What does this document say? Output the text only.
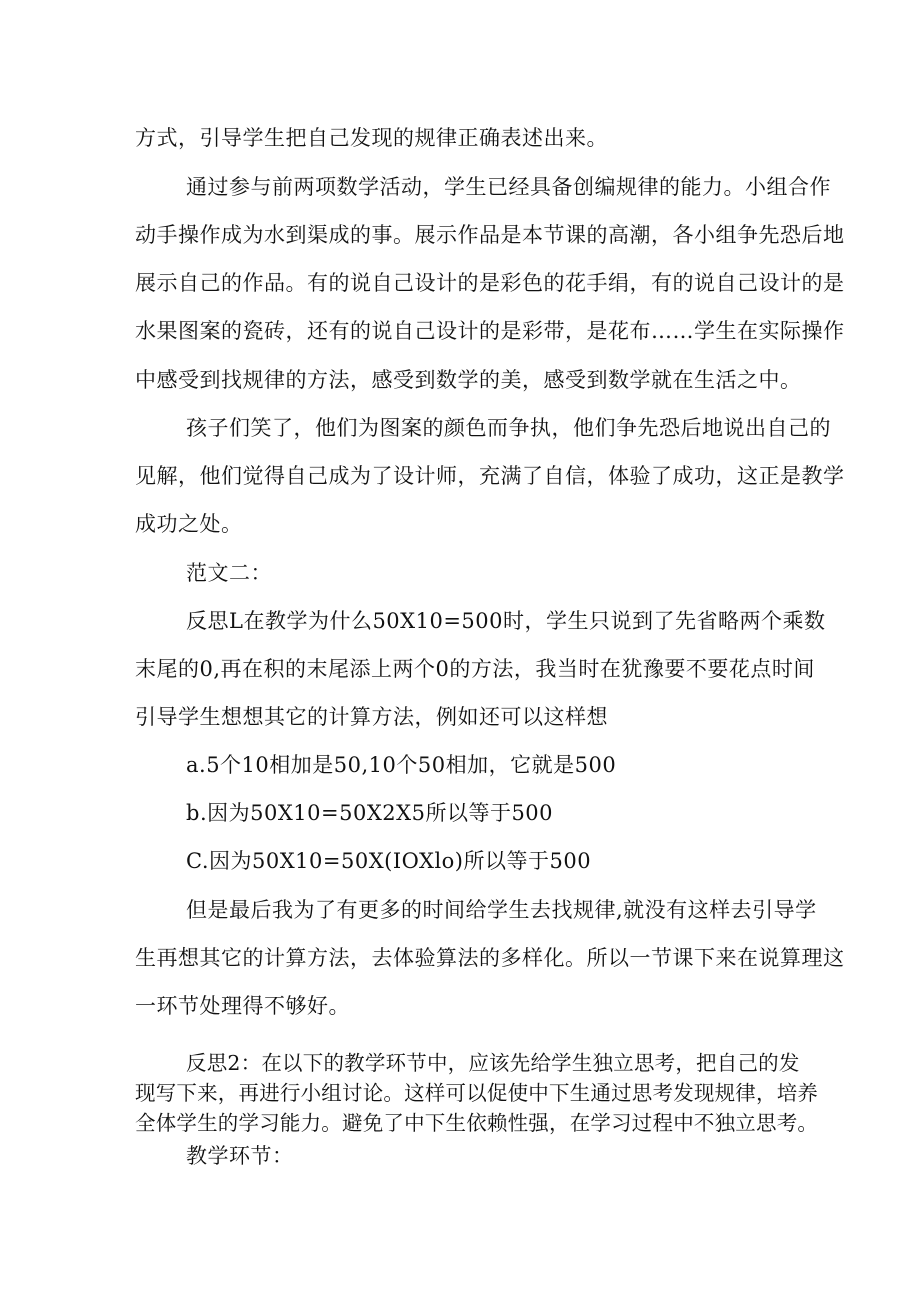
方式，引导学生把自己发现的规律正确表述出来。
通过参与前两项数学活动，学生已经具备创编规律的能力。小组合作
动手操作成为水到渠成的事。展示作品是本节课的高潮，各小组争先恐后地
展示自己的作品。有的说自己设计的是彩色的花手绢，有的说自己设计的是
水果图案的瓷砖，还有的说自己设计的是彩带，是花布……学生在实际操作
中感受到找规律的方法，感受到数学的美，感受到数学就在生活之中。
孩子们笑了，他们为图案的颜色而争执，他们争先恐后地说出自己的
见解，他们觉得自己成为了设计师，充满了自信，体验了成功，这正是教学
成功之处。
范文二：
反思L在教学为什么50X10=500时，学生只说到了先省略两个乘数
末尾的0,再在积的末尾添上两个0的方法，我当时在犹豫要不要花点时间
引导学生想想其它的计算方法，例如还可以这样想
a.5个10相加是50,10个50相加，它就是500
b.因为50X10=50X2X5所以等于500
C.因为50X10=50X(IOXlo)所以等于500
但是最后我为了有更多的时间给学生去找规律,就没有这样去引导学
生再想其它的计算方法，去体验算法的多样化。所以一节课下来在说算理这
一环节处理得不够好。
反思2：在以下的教学环节中，应该先给学生独立思考，把自己的发
现写下来，再进行小组讨论。这样可以促使中下生通过思考发现规律，培养
全体学生的学习能力。避免了中下生依赖性强，在学习过程中不独立思考。
教学环节：
